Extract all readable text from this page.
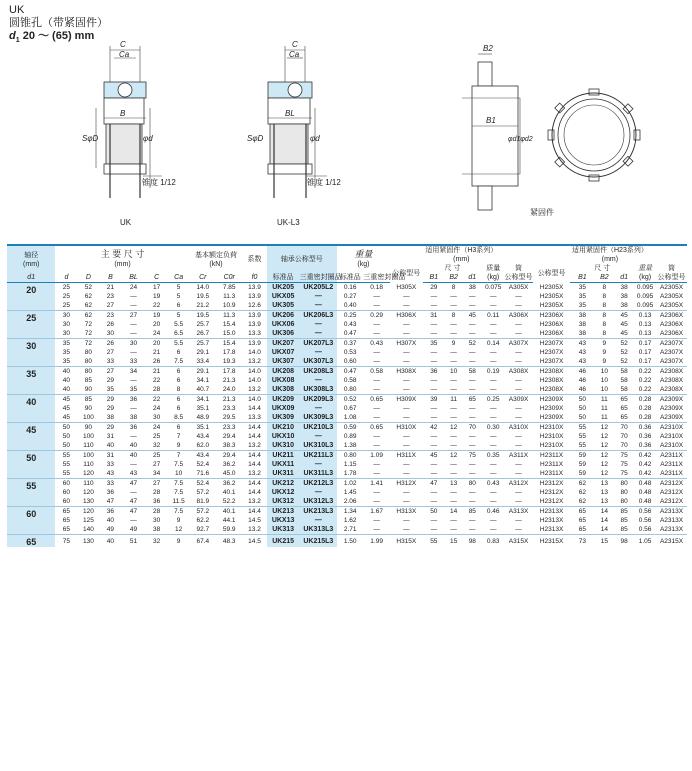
UK
圆锥孔（带紧固件）
$d_1$ 20 ～ (65) mm
C
Ca
B
SφD	φd
锥度 1/12
UK
C
Ca
BL
SφD	φd
锥度 1/12
UK-L3
B2
B1
φd1φd2
紧固件
轴径
(mm)	主 要 尺 寸
(mm)						基本额定负荷
(kN)		系数	轴承公称型号		重量
(kg)		适用紧固件（H3系列）
(mm)						适用紧固件（H23系列）
(mm)					
														公称型号	尺 寸			质量	筒	公称型号	尺 寸			重量	筒
d1	d	D	B	BL	C	Ca	Cr	C0r	f0	标准品	三重密封圈品	标准品	三重密封圈品		B1	B2	d1	(kg)	公称型号		B1	B2	d1	(kg)	公称型号
20	25	52	21	24	17	5	14.0	7.85	13.9	UK205	UK205L2	0.16	0.18	H305X	29	8	38	0.075	A305X	H2305X	35	8	38	0.095	A2305X
	25	62	23	—	19	5	19.5	11.3	13.9	UKX05	—	0.27	—	—	—	—	—	—	—	H2305X	35	8	38	0.095	A2305X
	25	62	27	—	22	6	21.2	10.9	12.6	UK305	—	0.40	—	—	—	—	—	—	—	H2305X	35	8	38	0.095	A2305X
25	30	62	23	27	19	5	19.5	11.3	13.9	UK206	UK206L3	0.25	0.29	H306X	31	8	45	0.11	A306X	H2306X	38	8	45	0.13	A2306X
	30	72	26	—	20	5.5	25.7	15.4	13.9	UKX06	—	0.43	—	—	—	—	—	—	—	H2306X	38	8	45	0.13	A2306X
	30	72	30	—	24	6.5	26.7	15.0	13.3	UK306	—	0.47	—	—	—	—	—	—	—	H2306X	38	8	45	0.13	A2306X
30	35	72	26	30	20	5.5	25.7	15.4	13.9	UK207	UK207L3	0.37	0.43	H307X	35	9	52	0.14	A307X	H2307X	43	9	52	0.17	A2307X
	35	80	27	—	21	6	29.1	17.8	14.0	UKX07	—	0.53	—	—	—	—	—	—	—	H2307X	43	9	52	0.17	A2307X
	35	80	33	33	26	7.5	33.4	19.3	13.2	UK307	UK307L3	0.60	—	—	—	—	—	—	—	H2307X	43	9	52	0.17	A2307X
35	40	80	27	34	21	6	29.1	17.8	14.0	UK208	UK208L3	0.47	0.58	H308X	36	10	58	0.19	A308X	H2308X	46	10	58	0.22	A2308X
	40	85	29	—	22	6	34.1	21.3	14.0	UKX08	—	0.58	—	—	—	—	—	—	—	H2308X	46	10	58	0.22	A2308X
	40	90	35	35	28	8	40.7	24.0	13.2	UK308	UK308L3	0.80	—	—	—	—	—	—	—	H2308X	46	10	58	0.22	A2308X
40	45	85	29	36	22	6	34.1	21.3	14.0	UK209	UK209L3	0.52	0.65	H309X	39	11	65	0.25	A309X	H2309X	50	11	65	0.28	A2309X
	45	90	29	—	24	6	35.1	23.3	14.4	UKX09	—	0.67	—	—	—	—	—	—	—	H2309X	50	11	65	0.28	A2309X
	45	100	38	38	30	8.5	48.9	29.5	13.3	UK309	UK309L3	1.08	—	—	—	—	—	—	—	H2309X	50	11	65	0.28	A2309X
45	50	90	29	36	24	6	35.1	23.3	14.4	UK210	UK210L3	0.59	0.65	H310X	42	12	70	0.30	A310X	H2310X	55	12	70	0.36	A2310X
	50	100	31	—	25	7	43.4	29.4	14.4	UKX10	—	0.89	—	—	—	—	—	—	—	H2310X	55	12	70	0.36	A2310X
	50	110	40	40	32	9	62.0	38.3	13.2	UK310	UK310L3	1.38	—	—	—	—	—	—	—	H2310X	55	12	70	0.36	A2310X
50	55	100	31	40	25	7	43.4	29.4	14.4	UK211	UK211L3	0.80	1.09	H311X	45	12	75	0.35	A311X	H2311X	59	12	75	0.42	A2311X
	55	110	33	—	27	7.5	52.4	36.2	14.4	UKX11	—	1.15	—	—	—	—	—	—	—	H2311X	59	12	75	0.42	A2311X
	55	120	43	43	34	10	71.6	45.0	13.2	UK311	UK311L3	1.78	—	—	—	—	—	—	—	H2311X	59	12	75	0.42	A2311X
55	60	110	33	47	27	7.5	52.4	36.2	14.4	UK212	UK212L3	1.02	1.41	H312X	47	13	80	0.43	A312X	H2312X	62	13	80	0.48	A2312X
	60	120	36	—	28	7.5	57.2	40.1	14.4	UKX12	—	1.45	—	—	—	—	—	—	—	H2312X	62	13	80	0.48	A2312X
	60	130	47	47	36	11.5	81.9	52.2	13.2	UK312	UK312L3	2.06	—	—	—	—	—	—	—	H2312X	62	13	80	0.48	A2312X
60	65	120	36	47	28	7.5	57.2	40.1	14.4	UK213	UK213L3	1.34	1.67	H313X	50	14	85	0.46	A313X	H2313X	65	14	85	0.56	A2313X
	65	125	40	—	30	9	62.2	44.1	14.5	UKX13	—	1.62	—	—	—	—	—	—	—	H2313X	65	14	85	0.56	A2313X
	65	140	49	49	38	12	92.7	59.9	13.2	UK313	UK313L3	2.71	—	—	—	—	—	—	—	H2313X	65	14	85	0.56	A2313X
65	75	130	40	51	32	9	67.4	48.3	14.5	UK215	UK215L3	1.50	1.99	H315X	55	15	98	0.83	A315X	H2315X	73	15	98	1.05	A2315X
